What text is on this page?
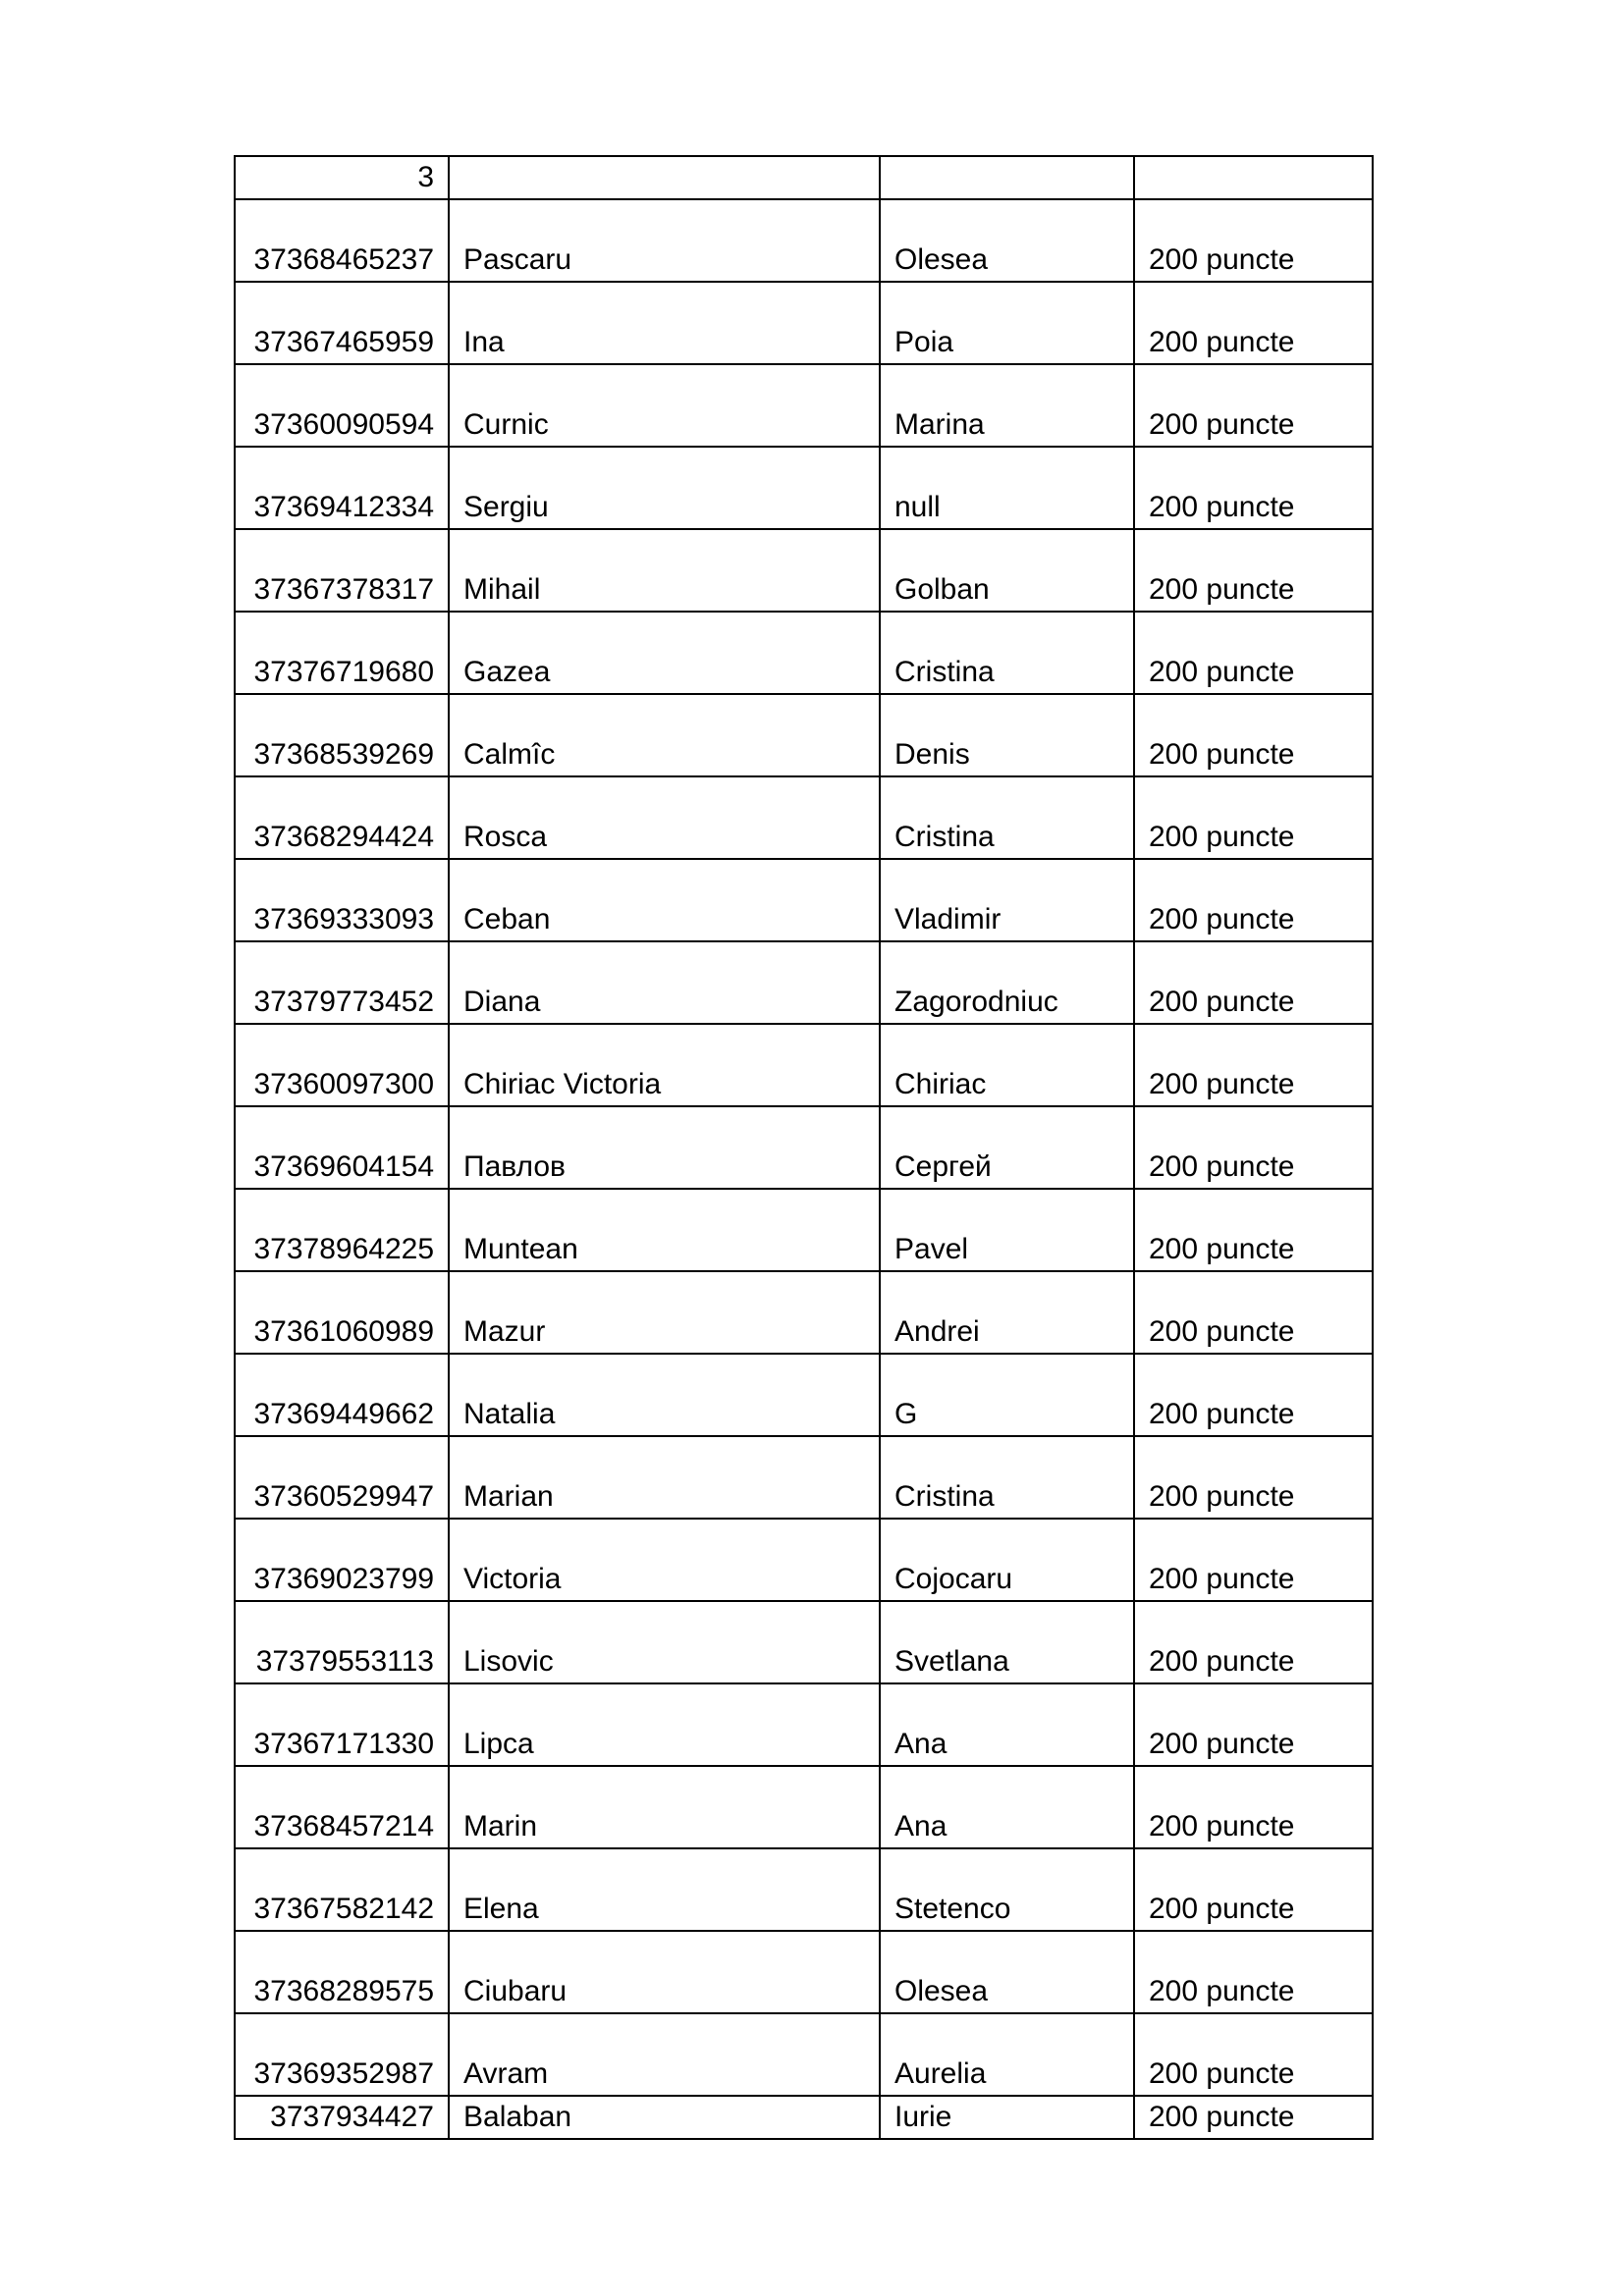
3			
37368465237	Pascaru	Olesea	200 puncte
37367465959	Ina	Poia	200 puncte
37360090594	Curnic	Marina	200 puncte
37369412334	Sergiu	null	200 puncte
37367378317	Mihail	Golban	200 puncte
37376719680	Gazea	Cristina	200 puncte
37368539269	Calmîc	Denis	200 puncte
37368294424	Rosca	Cristina	200 puncte
37369333093	Ceban	Vladimir	200 puncte
37379773452	Diana	Zagorodniuc	200 puncte
37360097300	Chiriac Victoria	Chiriac	200 puncte
37369604154	Павлов	Сергей	200 puncte
37378964225	Muntean	Pavel	200 puncte
37361060989	Mazur	Andrei	200 puncte
37369449662	Natalia	G	200 puncte
37360529947	Marian	Cristina	200 puncte
37369023799	Victoria	Cojocaru	200 puncte
37379553113	Lisovic	Svetlana	200 puncte
37367171330	Lipca	Ana	200 puncte
37368457214	Marin	Ana	200 puncte
37367582142	Elena	Stetenco	200 puncte
37368289575	Ciubaru	Olesea	200 puncte
37369352987	Avram	Aurelia	200 puncte
3737934427	Balaban	Iurie	200 puncte
